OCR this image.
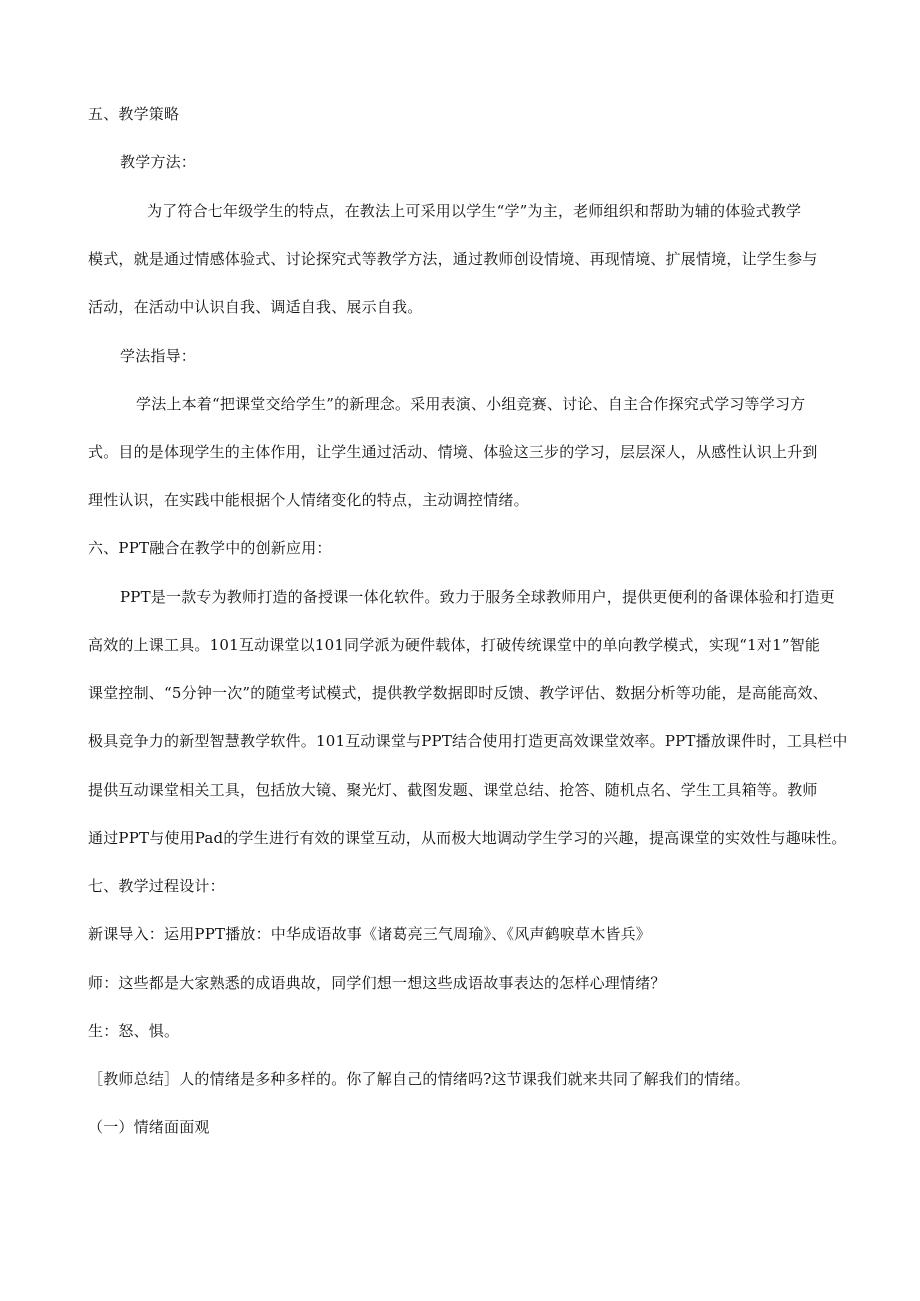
五、教学策略
教学方法：
为了符合七年级学生的特点，在教法上可采用以学生“学”为主，老师组织和帮助为辅的体验式教学
模式，就是通过情感体验式、讨论探究式等教学方法，通过教师创设情境、再现情境、扩展情境，让学生参与
活动，在活动中认识自我、调适自我、展示自我。
学法指导：
学法上本着“把课堂交给学生”的新理念。采用表演、小组竞赛、讨论、自主合作探究式学习等学习方
式。目的是体现学生的主体作用，让学生通过活动、情境、体验这三步的学习，层层深人，从感性认识上升到
理性认识，在实践中能根据个人情绪变化的特点，主动调控情绪。
六、PPT融合在教学中的创新应用：
PPT是一款专为教师打造的备授课一体化软件。致力于服务全球教师用户，提供更便利的备课体验和打造更
高效的上课工具。101互动课堂以101同学派为硬件载体，打破传统课堂中的单向教学模式，实现“1对1”智能
课堂控制、“5分钟一次”的随堂考试模式，提供教学数据即时反馈、教学评估、数据分析等功能，是高能高效、
极具竞争力的新型智慧教学软件。101互动课堂与PPT结合使用打造更高效课堂效率。PPT播放课件时，工具栏中
提供互动课堂相关工具，包括放大镜、聚光灯、截图发题、课堂总结、抢答、随机点名、学生工具箱等。教师
通过PPT与使用Pad的学生进行有效的课堂互动，从而极大地调动学生学习的兴趣，提高课堂的实效性与趣味性。
七、教学过程设计：
新课导入：运用PPT播放：中华成语故事《诸葛亮三气周瑜》、《风声鹤唳草木皆兵》
师：这些都是大家熟悉的成语典故，同学们想一想这些成语故事表达的怎样心理情绪？
生：怒、惧。
［教师总结］人的情绪是多种多样的。你了解自己的情绪吗?这节课我们就来共同了解我们的情绪。
（一）情绪面面观
